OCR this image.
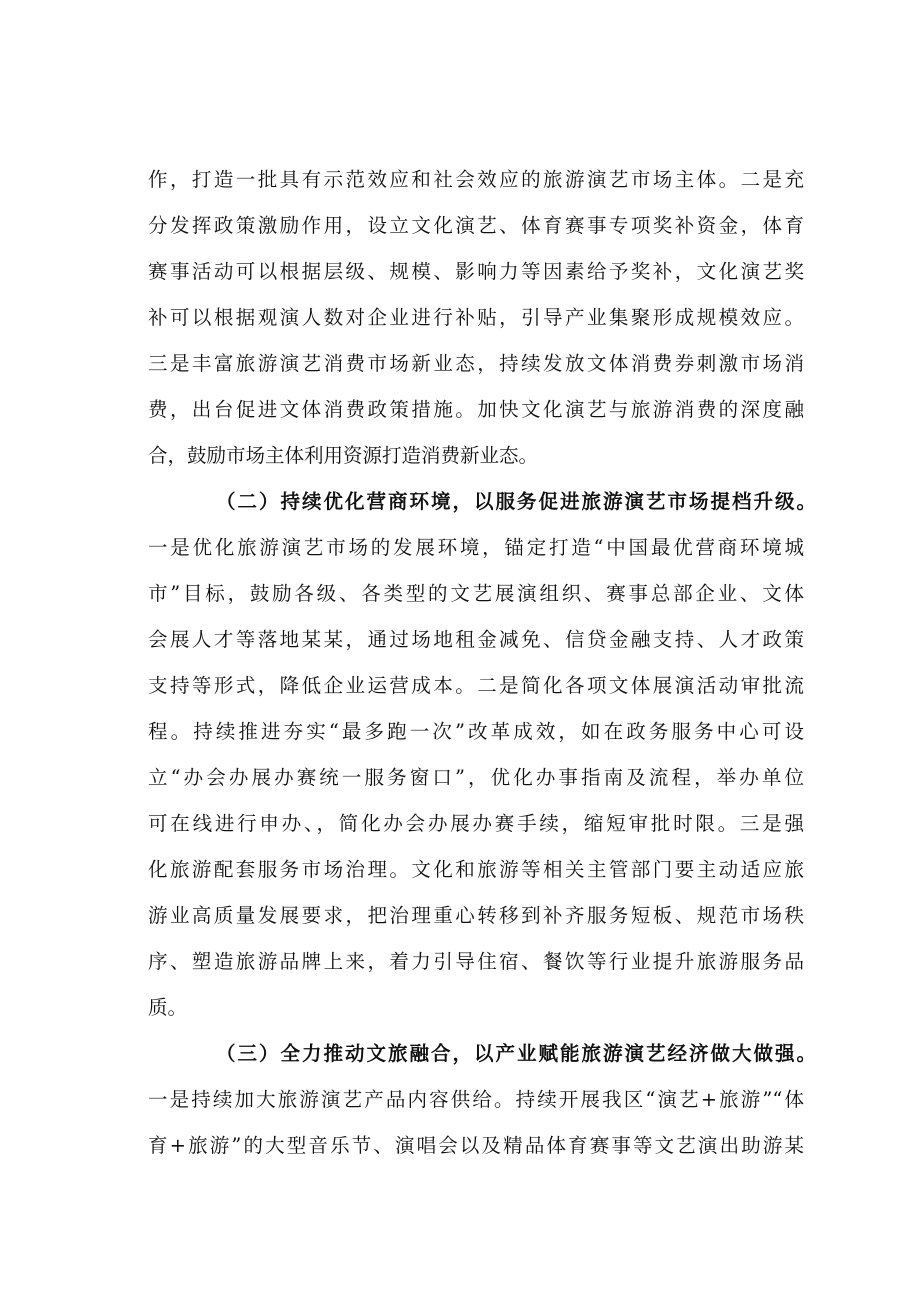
作，打造一批具有示范效应和社会效应的旅游演艺市场主体。二是充
分发挥政策激励作用，设立文化演艺、体育赛事专项奖补资金，体育
赛事活动可以根据层级、规模、影响力等因素给予奖补，文化演艺奖
补可以根据观演人数对企业进行补贴，引导产业集聚形成规模效应。
三是丰富旅游演艺消费市场新业态，持续发放文体消费券刺激市场消
费，出台促进文体消费政策措施。加快文化演艺与旅游消费的深度融
合，鼓励市场主体利用资源打造消费新业态。
（二）持续优化营商环境，以服务促进旅游演艺市场提档升级。
一是优化旅游演艺市场的发展环境，锚定打造“中国最优营商环境城
市”目标，鼓励各级、各类型的文艺展演组织、赛事总部企业、文体
会展人才等落地某某，通过场地租金减免、信贷金融支持、人才政策
支持等形式，降低企业运营成本。二是简化各项文体展演活动审批流
程。持续推进夯实“最多跑一次”改革成效，如在政务服务中心可设
立“办会办展办赛统一服务窗口”，优化办事指南及流程，举办单位
可在线进行申办、，简化办会办展办赛手续，缩短审批时限。三是强
化旅游配套服务市场治理。文化和旅游等相关主管部门要主动适应旅
游业高质量发展要求，把治理重心转移到补齐服务短板、规范市场秩
序、塑造旅游品牌上来，着力引导住宿、餐饮等行业提升旅游服务品
质。
（三）全力推动文旅融合，以产业赋能旅游演艺经济做大做强。
一是持续加大旅游演艺产品内容供给。持续开展我区“演艺+旅游”“体
育+旅游”的大型音乐节、演唱会以及精品体育赛事等文艺演出助游某
